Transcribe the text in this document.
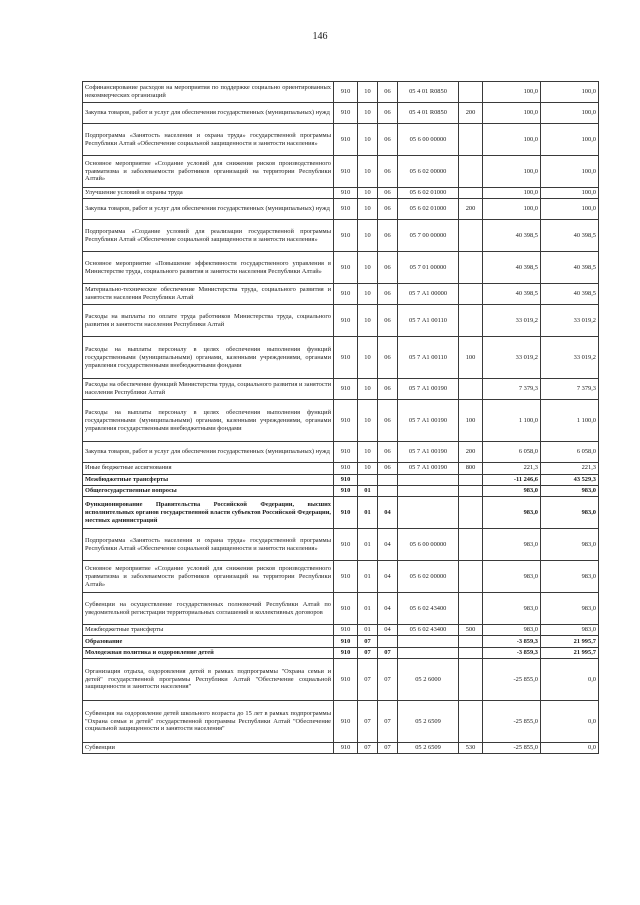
146
Софинансирование расходов на мероприятия по поддержке социально ориентированных некоммерческих организаций	910	10	06	05 4 01 R0850		100,0	100,0
Закупка товаров, работ и услуг для обеспечения государственных (муниципальных) нужд	910	10	06	05 4 01 R0850	200	100,0	100,0
Подпрограмма «Занятость населения и охрана труда» государственной программы Республики Алтай «Обеспечение социальной защищенности и занятости населения»	910	10	06	05 6 00 00000		100,0	100,0
Основное мероприятие «Создание условий для снижения рисков производственного травматизма и заболеваемости работников организаций на территории Республики Алтай»	910	10	06	05 6 02 00000		100,0	100,0
Улучшение условий и охраны труда	910	10	06	05 6 02 01000		100,0	100,0
Закупка товаров, работ и услуг для обеспечения государственных (муниципальных) нужд	910	10	06	05 6 02 01000	200	100,0	100,0
Подпрограмма «Создание условий для реализации государственной программы Республики Алтай «Обеспечение социальной защищенности и занятости населения»	910	10	06	05 7 00 00000		40 398,5	40 398,5
Основное мероприятие «Повышение эффективности государственного управления в Министерстве труда, социального развития и занятости населения Республики Алтай»	910	10	06	05 7 01 00000		40 398,5	40 398,5
Материально-техническое обеспечение Министерства труда, социального развития и занятости населения Республики Алтай	910	10	06	05 7 А1 00000		40 398,5	40 398,5
Расходы на выплаты по оплате труда работников Министерства труда, социального развития и занятости населения Республики Алтай	910	10	06	05 7 А1 00110		33 019,2	33 019,2
Расходы на выплаты персоналу в целях обеспечения выполнения функций государственными (муниципальными) органами, казенными учреждениями, органами управления государственными внебюджетными фондами	910	10	06	05 7 А1 00110	100	33 019,2	33 019,2
Расходы на обеспечение функций Министерства труда, социального развития и занятости населения Республики Алтай	910	10	06	05 7 А1 00190		7 379,3	7 379,3
Расходы на выплаты персоналу в целях обеспечения выполнения функций государственными (муниципальными) органами, казенными учреждениями, органами управления государственными внебюджетными фондами	910	10	06	05 7 А1 00190	100	1 100,0	1 100,0
Закупка товаров, работ и услуг для обеспечения государственных (муниципальных) нужд	910	10	06	05 7 А1 00190	200	6 058,0	6 058,0
Иные бюджетные ассигнования	910	10	06	05 7 А1 00190	800	221,3	221,3
Межбюджетные трансферты	910					-11 246,6	43 529,3
Общегосударственные вопросы	910	01				983,0	983,0
Функционирование Правительства Российской Федерации, высших исполнительных органов государственной власти субъектов Российской Федерации, местных администраций	910	01	04			983,0	983,0
Подпрограмма «Занятость населения и охрана труда» государственной программы Республики Алтай «Обеспечение социальной защищенности и занятости населения»	910	01	04	05 6 00 00000		983,0	983,0
Основное мероприятие «Создание условий для снижения рисков производственного травматизма и заболеваемости работников организаций на территории Республики Алтай»	910	01	04	05 6 02 00000		983,0	983,0
Субвенции на осуществление государственных полномочий Республики Алтай по уведомительной регистрации территориальных соглашений и коллективных договоров	910	01	04	05 6 02 43400		983,0	983,0
Межбюджетные трансферты	910	01	04	05 6 02 43400	500	983,0	983,0
Образование	910	07				-3 859,3	21 995,7
Молодежная политика и оздоровление детей	910	07	07			-3 859,3	21 995,7
Организация отдыха, оздоровления детей в рамках подпрограммы "Охрана семьи и детей" государственной программы Республики Алтай "Обеспечение социальной защищенности и занятости населения"	910	07	07	05 2 6000		-25 855,0	0,0
Субвенция на оздоровление детей школьного возраста до 15 лет в рамках подпрограммы "Охрана семьи и детей" государственной программы Республики Алтай "Обеспечение социальной защищенности и занятости населения"	910	07	07	05 2 6509		-25 855,0	0,0
Субвенции	910	07	07	05 2 6509	530	-25 855,0	0,0
